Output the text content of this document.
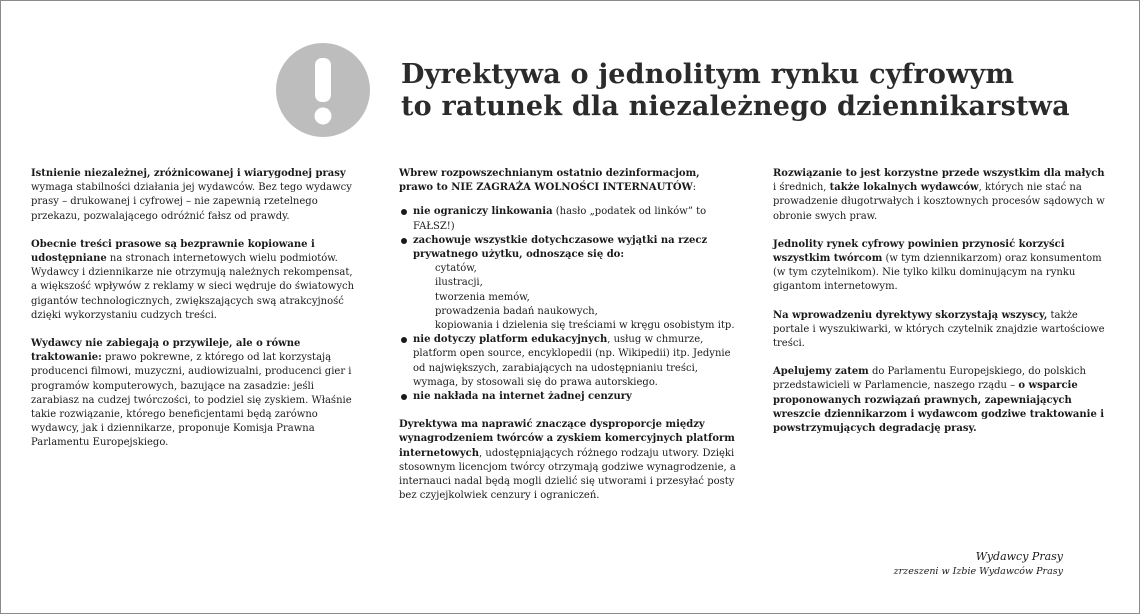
Dyrektywa o jednolitym rynku cyfrowym
to ratunek dla niezależnego dziennikarstwa

Istnienie niezależnej, zróżnicowanej i wiarygodnej prasy wymaga stabilności działania jej wydawców. Bez tego wydawcy prasy – drukowanej i cyfrowej – nie zapewnią rzetelnego przekazu, pozwalającego odróżnić fałsz od prawdy.

Obecnie treści prasowe są bezprawnie kopiowane i udostępniane na stronach internetowych wielu podmiotów. Wydawcy i dziennikarze nie otrzymują należnych rekompensat, a większość wpływów z reklamy w sieci wędruje do światowych gigantów technologicznych, zwiększających swą atrakcyjność dzięki wykorzystaniu cudzych treści.

Wydawcy nie zabiegają o przywileje, ale o równe traktowanie: prawo pokrewne, z którego od lat korzystają producenci filmowi, muzyczni, audiowizualni, producenci gier i programów komputerowych, bazujące na zasadzie: jeśli zarabiasz na cudzej twórczości, to podziel się zyskiem. Właśnie takie rozwiązanie, którego beneficjentami będą zarówno wydawcy, jak i dziennikarze, proponuje Komisja Prawna Parlamentu Europejskiego.

Wbrew rozpowszechnianym ostatnio dezinformacjom, prawo to NIE ZAGRAŻA WOLNOŚCI INTERNAUTÓW:

nie ograniczy linkowania (hasło „podatek od linków” to FAŁSZ!)
zachowuje wszystkie dotychczasowe wyjątki na rzecz prywatnego użytku, odnoszące się do:
cytatów,
ilustracji,
tworzenia memów,
prowadzenia badań naukowych,
kopiowania i dzielenia się treściami w kręgu osobistym itp.
nie dotyczy platform edukacyjnych, usług w chmurze, platform open source, encyklopedii (np. Wikipedii) itp. Jedynie od największych, zarabiających na udostępnianiu treści, wymaga, by stosowali się do prawa autorskiego.
nie nakłada na internet żadnej cenzury

Dyrektywa ma naprawić znaczące dysproporcje między wynagrodzeniem twórców a zyskiem komercyjnych platform internetowych, udostępniających różnego rodzaju utwory. Dzięki stosownym licencjom twórcy otrzymają godziwe wynagrodzenie, a internauci nadal będą mogli dzielić się utworami i przesyłać posty bez czyjejkolwiek cenzury i ograniczeń.

Rozwiązanie to jest korzystne przede wszystkim dla małych i średnich, także lokalnych wydawców, których nie stać na prowadzenie długotrwałych i kosztownych procesów sądowych w obronie swych praw.

Jednolity rynek cyfrowy powinien przynosić korzyści wszystkim twórcom (w tym dziennikarzom) oraz konsumentom (w tym czytelnikom). Nie tylko kilku dominującym na rynku gigantom internetowym.

Na wprowadzeniu dyrektywy skorzystają wszyscy, także portale i wyszukiwarki, w których czytelnik znajdzie wartościowe treści.

Apelujemy zatem do Parlamentu Europejskiego, do polskich przedstawicieli w Parlamencie, naszego rządu – o wsparcie proponowanych rozwiązań prawnych, zapewniających wreszcie dziennikarzom i wydawcom godziwe traktowanie i powstrzymujących degradację prasy.

Wydawcy Prasy
zrzeszeni w Izbie Wydawców Prasy
